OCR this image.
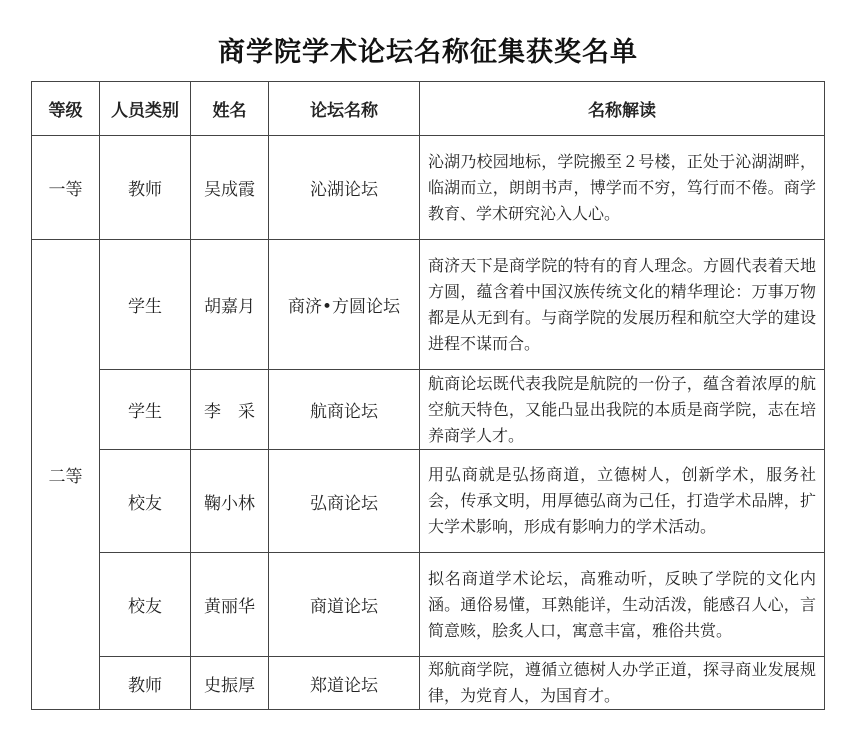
商学院学术论坛名称征集获奖名单
等级	人员类别	姓名	论坛名称	名称解读
一等	教师	吴成霞	沁湖论坛	沁湖乃校园地标，学院搬至２号楼，正处于沁湖湖畔，临湖而立，朗朗书声，博学而不穷，笃行而不倦。商学教育、学术研究沁入人心。
二等	学生	胡嘉月	商济•方圆论坛	商济天下是商学院的特有的育人理念。方圆代表着天地方圆，蕴含着中国汉族传统文化的精华理论：万事万物都是从无到有。与商学院的发展历程和航空大学的建设进程不谋而合。
	学生	李　采	航商论坛	航商论坛既代表我院是航院的一份子，蕴含着浓厚的航空航天特色，又能凸显出我院的本质是商学院，志在培养商学人才。
	校友	鞠小林	弘商论坛	用弘商就是弘扬商道，立德树人，创新学术，服务社会，传承文明，用厚德弘商为己任，打造学术品牌，扩大学术影响，形成有影响力的学术活动。
	校友	黄丽华	商道论坛	拟名商道学术论坛，高雅动听，反映了学院的文化内涵。通俗易懂，耳熟能详，生动活泼，能感召人心，言简意赅，脍炙人口，寓意丰富，雅俗共赏。
	教师	史振厚	郑道论坛	郑航商学院，遵循立德树人办学正道，探寻商业发展规律，为党育人，为国育才。
